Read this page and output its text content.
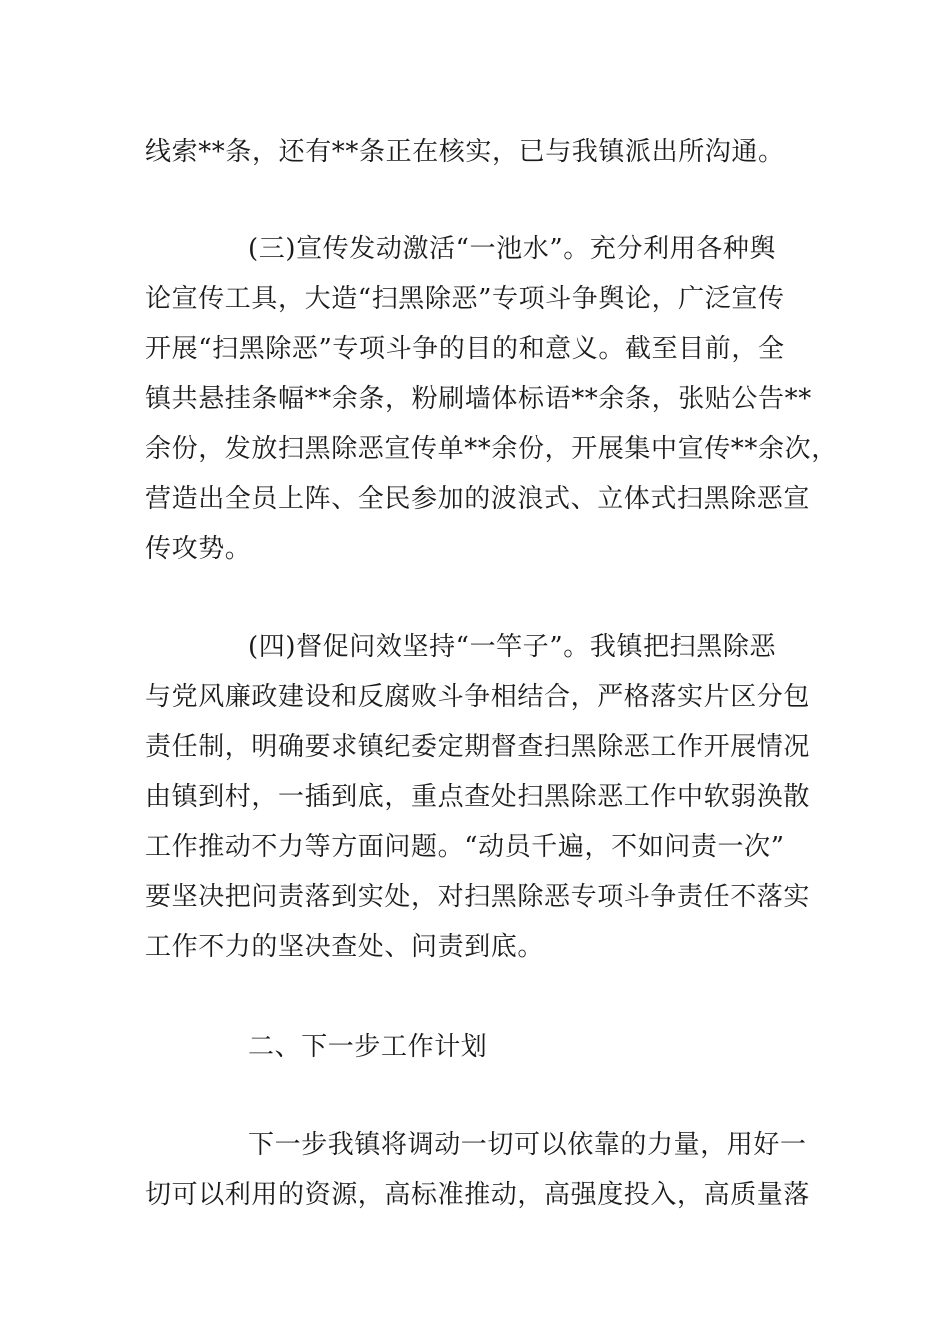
线索**条，还有**条正在核实，已与我镇派出所沟通。
(三)宣传发动激活“一池水”。充分利用各种舆
论宣传工具，大造“扫黑除恶”专项斗争舆论，广泛宣传
开展“扫黑除恶”专项斗争的目的和意义。截至目前，全
镇共悬挂条幅**余条，粉刷墙体标语**余条，张贴公告**
余份，发放扫黑除恶宣传单**余份，开展集中宣传**余次，
营造出全员上阵、全民参加的波浪式、立体式扫黑除恶宣
传攻势。
(四)督促问效坚持“一竿子”。我镇把扫黑除恶
与党风廉政建设和反腐败斗争相结合，严格落实片区分包
责任制，明确要求镇纪委定期督查扫黑除恶工作开展情况
由镇到村，一插到底，重点查处扫黑除恶工作中软弱涣散
工作推动不力等方面问题。“动员千遍，不如问责一次”
要坚决把问责落到实处，对扫黑除恶专项斗争责任不落实
工作不力的坚决查处、问责到底。
二、下一步工作计划
下一步我镇将调动一切可以依靠的力量，用好一
切可以利用的资源，高标准推动，高强度投入，高质量落
